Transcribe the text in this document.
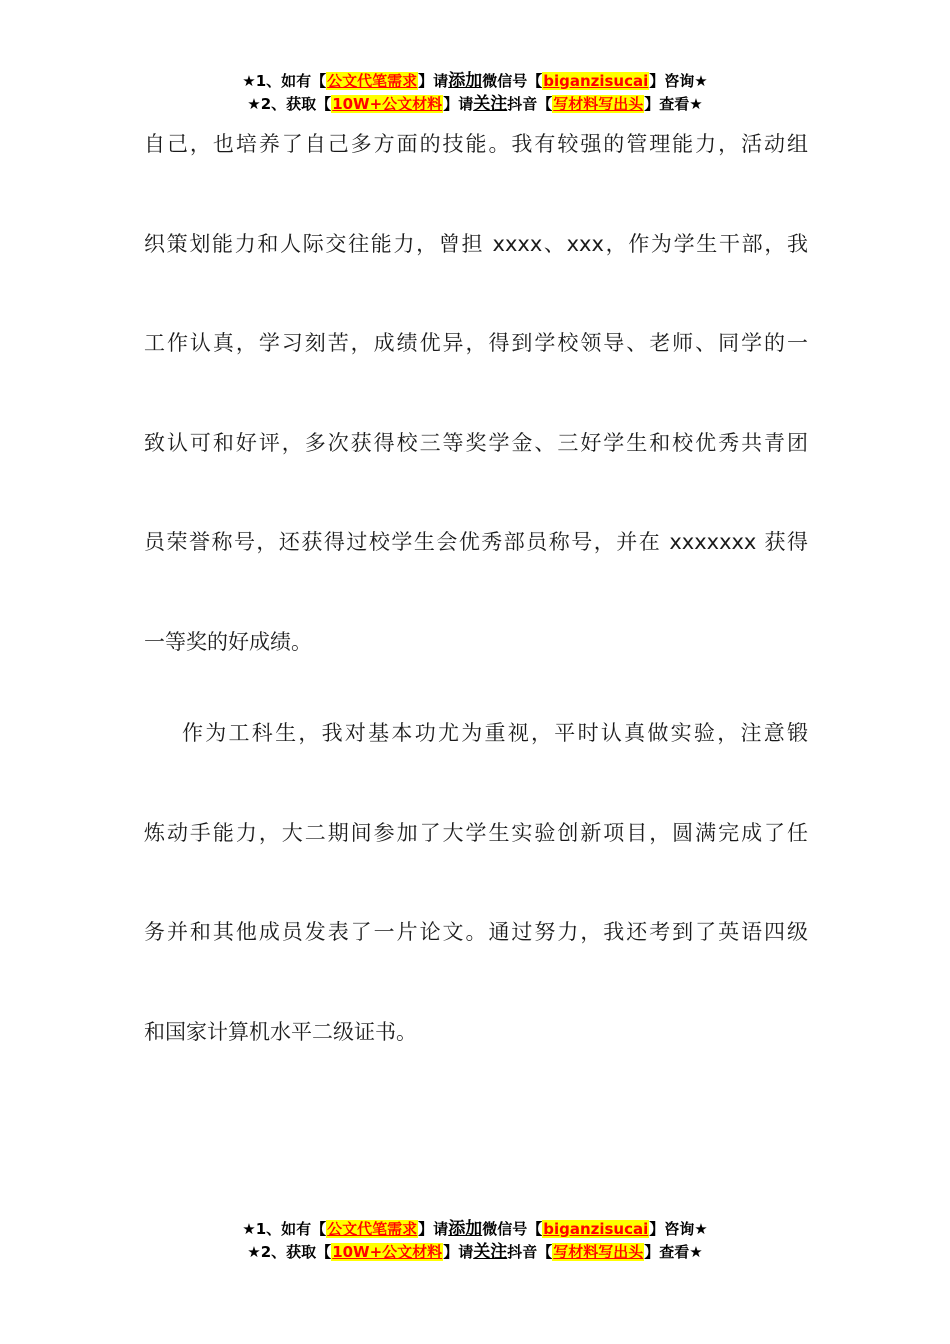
★1、如有【公文代笔需求】请添加微信号【biganzisucai】咨询★
★2、获取【10W+公文材料】请关注抖音【写材料写出头】查看★
自己，也培养了自己多方面的技能。我有较强的管理能力，活动组
织策划能力和人际交往能力，曾担 xxxx、xxx，作为学生干部，我
工作认真，学习刻苦，成绩优异，得到学校领导、老师、同学的一
致认可和好评，多次获得校三等奖学金、三好学生和校优秀共青团
员荣誉称号，还获得过校学生会优秀部员称号，并在 xxxxxxx 获得
一等奖的好成绩。
作为工科生，我对基本功尤为重视，平时认真做实验，注意锻
炼动手能力，大二期间参加了大学生实验创新项目，圆满完成了任
务并和其他成员发表了一片论文。通过努力，我还考到了英语四级
和国家计算机水平二级证书。
★1、如有【公文代笔需求】请添加微信号【biganzisucai】咨询★
★2、获取【10W+公文材料】请关注抖音【写材料写出头】查看★
